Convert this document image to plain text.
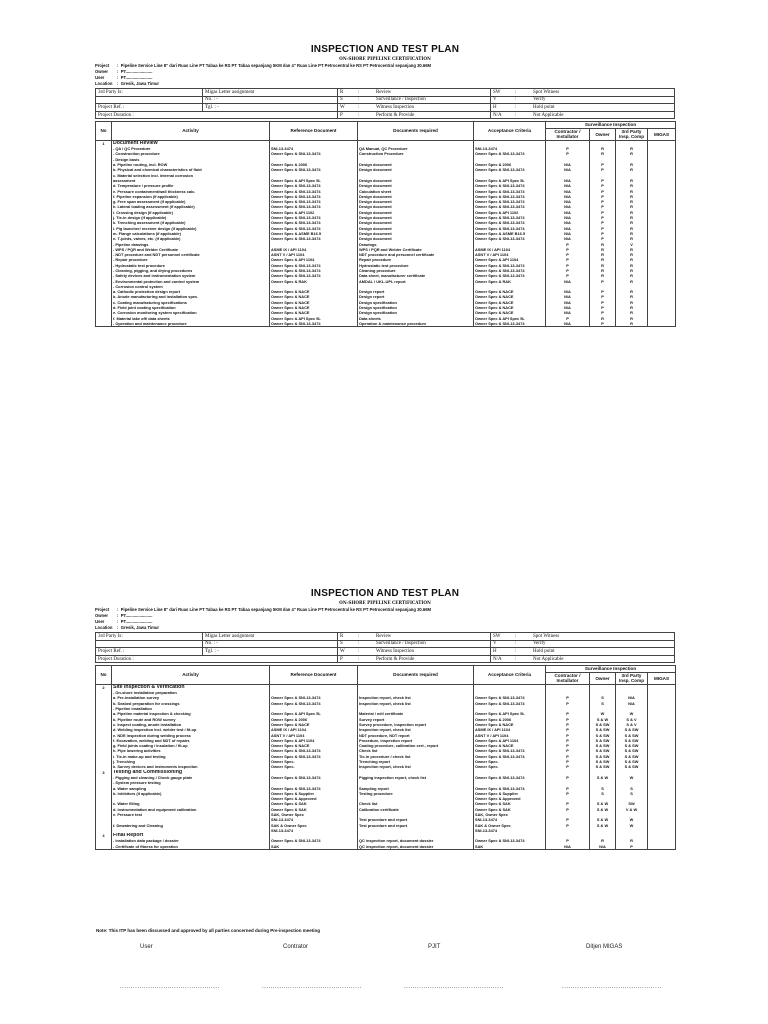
INSPECTION AND TEST PLAN
ON-SHORE PIPELINE CERTIFICATION
Project :  Pipeline Service Line 8" dari Ruas Line PT Tabaa ke RS PT Tabaa sepanjang 5KM dan 4" Ruas Line PT Petrocentral ke RS PT Petrocentral sepanjang 30.66M
Owner :  PT.......................
User	:  PT.......................
Location :  Gresik, Jawa Timur
3rd Party Is:	Migas Letter assignment	R	:	Review	SW	:	Spot Witness
	No. : -	S	:	Surveillance / Inspection	V	:	Verify
Project Ref. :	Tgl. : -	W	:	Witness Inspection	H	:	Hold point
Project Duration :		P	:	Perform & Provide	N/A	:	Not Applicable
No	Activity	Reference Document	Documents required	Acceptance Criteria	Surveillance Inspection			
					Contractor / Installator	Owner	3rd Party Insp. Comp	MIGAS
1	Document Review							
	- QA / QC Procedure	SNI-13-3474	QA Manual, QC Procedure	SNI-13-3474	P	R	R	
	- Construction procedure	Owner Spec & SNI-13-3474	Construction Procedure	Owner Spec & SNI-13-3474	P	R	R	
	- Design basis							
	a. Pipeline routing, incl. ROW	Owner Spec & 2006	Design document	Owner Spec & 2006	N/A	P	R	
	b. Physical and chemical characteristics of fluid	Owner Spec & SNI-13-3474	Design document	Owner Spec & SNI-13-3474	N/A	P	R	
	c. Material selection incl. internal corrosion							
	assessment	Owner Spec & API Spec 5L	Design document	Owner Spec & API Spec 5L	N/A	P	R	
	d. Temperature / pressure profile	Owner Spec & SNI-13-3474	Design document	Owner Spec & SNI-13-3474	N/A	P	R	
	e. Pressure containment/wall thickness calc.	Owner Spec & SNI-13-3474	Calculation sheet	Owner Spec & SNI-13-3474	N/A	P	R	
	f. Pipeline expansion (if applicable)	Owner Spec & SNI-13-3474	Design document	Owner Spec & SNI-13-3474	N/A	P	R	
	g. Free span assessment (if applicable)	Owner Spec & SNI-13-3474	Design document	Owner Spec & SNI-13-3474	N/A	P	R	
	h. Lateral loading assessment (if applicable)	Owner Spec & SNI-13-3474	Design document	Owner Spec & SNI-13-3474	N/A	P	R	
	i. Crossing design (if applicable)	Owner Spec & API 1102	Design document	Owner Spec & API 1102	N/A	P	R	
	j. Tie-in design (if applicable)	Owner Spec & SNI-13-3474	Design document	Owner Spec & SNI-13-3474	N/A	P	R	
	k. Trenching assessment (if applicable)	Owner Spec & SNI-13-3474	Design document	Owner Spec & SNI-13-3474	N/A	P	R	
	l. Pig launcher/ receiver design (if applicable)	Owner Spec & SNI-13-3474	Design document	Owner Spec & SNI-13-3474	N/A	P	R	
	m. Flange calculations (if applicable)	Owner Spec & ASME B16.5	Design document	Owner Spec & ASME B16.5	N/A	P	R	
	n. T-joints, valves, etc. (if applicable)	Owner Spec & SNI-13-3474	Design document	Owner Spec & SNI-13-3474	N/A	P	R	

	- Pipeline drawings		Drawings		P	R	V	
	- WPS / PQR and Welder Certificate	ASME IX / API 1104	WPS / PQR and Welder Certificate	ASME IX / API 1104	P	R	R	
	- NDT procedure and NDT personnel certificate	ASNT V / API 1104	NDT procedure and personnel certificate	ASNT V / API 1104	P	R	R	
	- Repair procedure	Owner Spec & API 1104	Repair procedure	Owner Spec & API 1104	P	R	R	
	- Hydrostatic test procedure	Owner Spec & SNI-13-3474	Hydrostatic test procedure	Owner Spec & SNI-13-3474	P	R	R	
	- Cleaning, pigging, and drying procedures	Owner Spec & SNI-13-3474	Cleaning procedure	Owner Spec & SNI-13-3474	P	R	R	
	- Safety devices and instrumentation system	Owner Spec & SNI-13-3474	Data sheet, manufacturer certificate	Owner Spec & SNI-13-3474	P	R	R	
	- Environmental protection and control system	Owner Spec & RAK	AMDAL / UKL-UPL report	Owner Spec & RAK	N/A	P	R	
	- Corrosion control system							
	a. Cathodic protection design report	Owner Spec & NACE	Design report	Owner Spec & NACE	N/A	P	R	
	b. Anode manufacturing and installation spec.	Owner Spec & NACE	Design report	Owner Spec & NACE	N/A	P	R	
	c. Coating manufacturing specifications	Owner Spec & NACE	Design specification	Owner Spec & NACE	N/A	P	R	
	d. Field joint coating specification	Owner Spec & NACE	Design specification	Owner Spec & NACE	N/A	P	R	
	e. Corrosion monitoring system specification	Owner Spec & NACE	Design specification	Owner Spec & NACE	N/A	P	R	
	f. Material take off/ data sheets	Owner Spec & API Spec 5L	Data sheets	Owner Spec & API Spec 5L	P	R	R	

	- Operation and maintenance procedure	Owner Spec & SNI-13-3474	Operation & maintenance procedure	Owner Spec & SNI-13-3474	N/A	P	R	

INSPECTION AND TEST PLAN
ON-SHORE PIPELINE CERTIFICATION
Project :  Pipeline Service Line 8" dari Ruas Line PT Tabaa ke RS PT Tabaa sepanjang 5KM dan 4" Ruas Line PT Petrocentral ke RS PT Petrocentral sepanjang 30.66M
Owner :  PT.......................
User	:  PT.......................
Location :  Gresik, Jawa Timur
3rd Party Is:	Migas Letter assignment	R	:	Review	SW	:	Spot Witness
	No. : -	S	:	Surveillance / Inspection	V	:	Verify
Project Ref. :	Tgl. : -	W	:	Witness Inspection	H	:	Hold point
Project Duration :		P	:	Perform & Provide	N/A	:	Not Applicable
No	Activity	Reference Document	Documents required	Acceptance Criteria	Surveillance Inspection			
					Contractor / Installator	Owner	3rd Party Insp. Comp	MIGAS
2	Site Inspection & Verification							
	- On-shore installation preparation							
	a. Pre-installation survey	Owner Spec & SNI-13-3474	Inspection report, check list	Owner Spec & SNI-13-3474	P	S	N/A	
	b. Seabed preparation for crossings	Owner Spec & SNI-13-3474	Inspection report, check list	Owner Spec & SNI-13-3474	P	S	N/A	

	- Pipeline installation							
	a. Pipeline material inspection & checking	Owner Spec & API Spec 5L	Material / mill certificate	Owner Spec & API Spec 5L	P	W	W	
	b. Pipeline route and ROW survey	Owner Spec & 2006	Survey report	Owner Spec & 2006	P	S & W	S & V	
	c. Inspect coating, anode installation	Owner Spec & NACE	Survey procedure, inspection report	Owner Spec & NACE	P	S & SW	S & V	
	d. Welding inspection incl. welder test / fit-up	ASME IX / API 1104	Inspection report, check list	ASME IX / API 1104	P	S & SW	S & SW	
	e. NDE inspection during welding process	ASNT V / API 1104	NDT procedure, NDT report	ASNT V / API 1104	P	S & SW	S & SW	
	f. Excavation, welding and NDT of repairs	Owner Spec & API 1104	Procedure, inspection report	Owner Spec & API 1104	P	S & SW	S & SW	
	g. Field joints coating / insulation / fit-up	Owner Spec & NACE	Coating procedure, calibration cert., report	Owner Spec & NACE	P	S & SW	S & SW	
	h. Pipe lowering activities	Owner Spec & SNI-13-3474	Check list	Owner Spec & SNI-13-3474	P	S & SW	S & SW	
	i. Tie-in make-up and testing	Owner Spec & SNI-13-3474	Tie-in procedure / check list	Owner Spec & SNI-13-3474	P	S & SW	S & SW	
	j. Trenching	Owner Spec.	Trenching report	Owner Spec.	P	S & SW	S & SW	
	k. Survey devices and instruments inspection	Owner Spec.	Inspection report, check list	Owner Spec.	P	S & SW	S & SW	
3	Testing and Commissioning							
	- Pigging and cleaning / Check gauge plate	Owner Spec & SNI-13-3474	Pigging inspection report, check list	Owner Spec & SNI-13-3474	P	S & W	W	
	- System pressure testing							
	a. Water sampling	Owner Spec & SNI-13-3474	Sampling report	Owner Spec & SNI-13-3474	P	S	S	
	b. Inhibitors (if applicable)	Owner Spec & Supplier	Testing procedure	Owner Spec & Supplier	P	S	S	
		Owner Spec & Approved		Owner Spec & Approved				
	c. Water filling	Owner Spec & SAK	Check list	Owner Spec & SAK	P	S & W	SW	
	d. Instrumentation and equipment calibration	Owner Spec & SAK	Calibration certificate	Owner Spec & SAK	P	S & W	V & W	
	e. Pressure test	SAK, Owner Spec		SAK, Owner Spec				
		SNI-13-3474	Test procedure and report	SNI-13-3474	P	S & W	W	
	f. Dewatering and Cleaning	SAK & Owner Spec	Test procedure and report	SAK & Owner Spec	P	S & W	W	
		SNI-13-3474		SNI-13-3474				
4	Final Report							
	- Installation data package / dossier	Owner Spec & SNI-13-3474	QC inspection report, document dossier	Owner Spec & SNI-13-3474	P	R	R	
	- Certificate of fitness for operation	SAK	QC inspection report, document dossier	SAK	N/A	N/A	P	
Note: This ITP has been discussed and approved by all parties concerned during Pre-inspection meeting
User	Contrator	PJIT	Ditjen MIGAS
..............................................	..............................................	..............................................	..............................................
